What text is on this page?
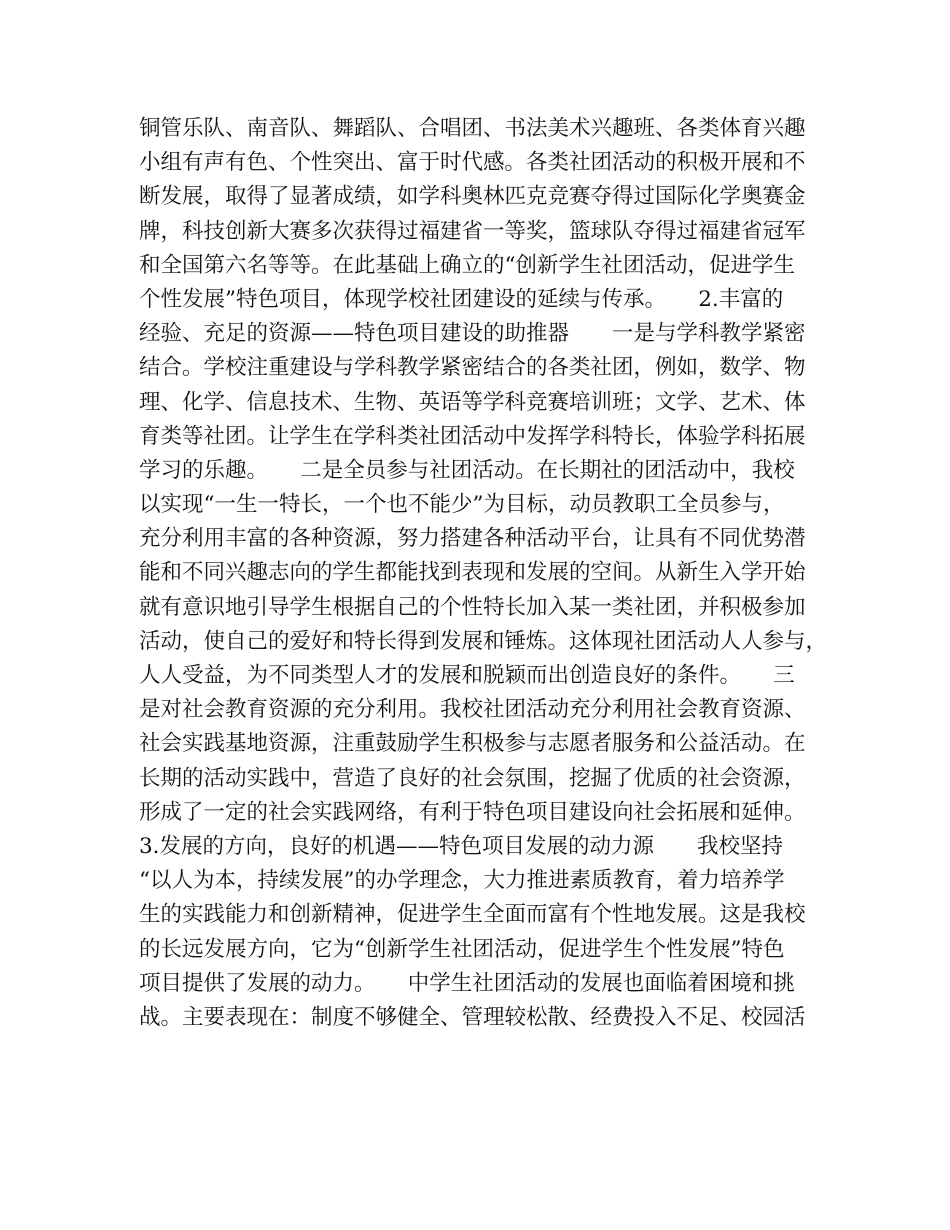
铜管乐队、南音队、舞蹈队、合唱团、书法美术兴趣班、各类体育兴趣
小组有声有色、个性突出、富于时代感。各类社团活动的积极开展和不
断发展，取得了显著成绩，如学科奥林匹克竞赛夺得过国际化学奥赛金
牌，科技创新大赛多次获得过福建省一等奖，篮球队夺得过福建省冠军
和全国第六名等等。在此基础上确立的“创新学生社团活动，促进学生
个性发展”特色项目，体现学校社团建设的延续与传承。　　2.丰富的
经验、充足的资源——特色项目建设的助推器　　一是与学科教学紧密
结合。学校注重建设与学科教学紧密结合的各类社团，例如，数学、物
理、化学、信息技术、生物、英语等学科竞赛培训班；文学、艺术、体
育类等社团。让学生在学科类社团活动中发挥学科特长，体验学科拓展
学习的乐趣。　　二是全员参与社团活动。在长期社的团活动中，我校
以实现“一生一特长，一个也不能少”为目标，动员教职工全员参与，
充分利用丰富的各种资源，努力搭建各种活动平台，让具有不同优势潜
能和不同兴趣志向的学生都能找到表现和发展的空间。从新生入学开始
就有意识地引导学生根据自己的个性特长加入某一类社团，并积极参加
活动，使自己的爱好和特长得到发展和锤炼。这体现社团活动人人参与，
人人受益，为不同类型人才的发展和脱颖而出创造良好的条件。　　三
是对社会教育资源的充分利用。我校社团活动充分利用社会教育资源、
社会实践基地资源，注重鼓励学生积极参与志愿者服务和公益活动。在
长期的活动实践中，营造了良好的社会氛围，挖掘了优质的社会资源，
形成了一定的社会实践网络，有利于特色项目建设向社会拓展和延伸。
3.发展的方向，良好的机遇——特色项目发展的动力源　　我校坚持
“以人为本，持续发展”的办学理念，大力推进素质教育，着力培养学
生的实践能力和创新精神，促进学生全面而富有个性地发展。这是我校
的长远发展方向，它为“创新学生社团活动，促进学生个性发展”特色
项目提供了发展的动力。　　中学生社团活动的发展也面临着困境和挑
战。主要表现在：制度不够健全、管理较松散、经费投入不足、校园活
